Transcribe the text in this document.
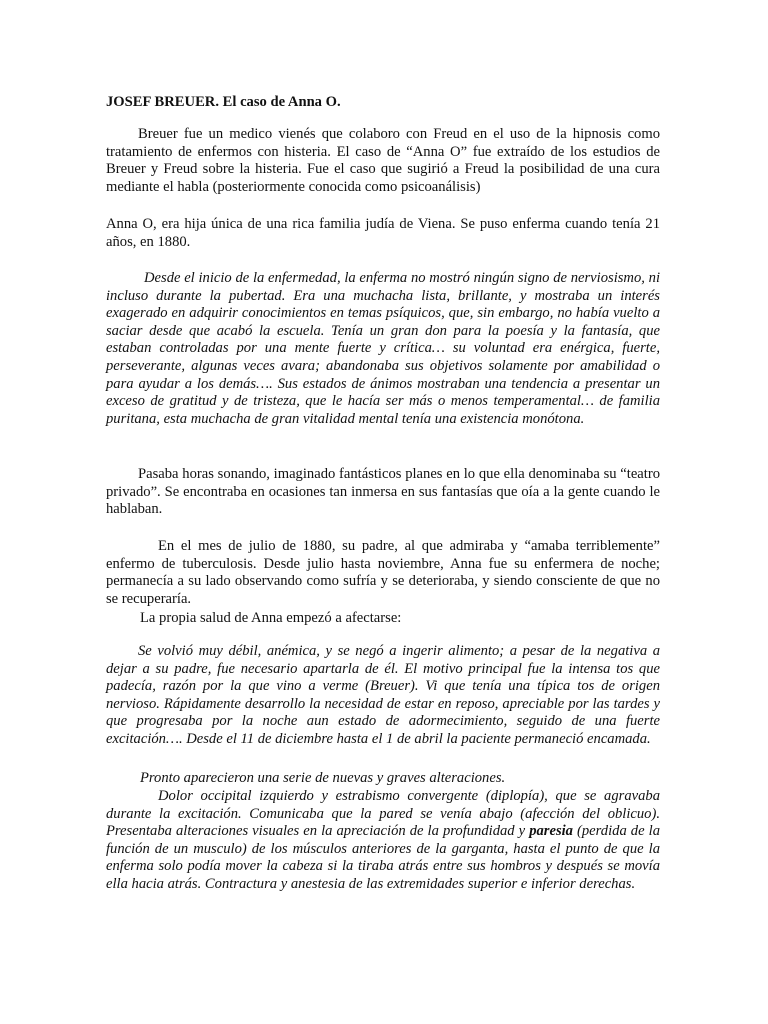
JOSEF BREUER. El caso de Anna O.

Breuer fue un medico vienés que colaboro con Freud en el uso de la hipnosis como tratamiento de enfermos con histeria. El caso de “Anna O” fue extraído de los estudios de Breuer y Freud sobre la histeria. Fue el caso que sugirió a Freud la posibilidad de una cura mediante el habla (posteriormente conocida como psicoanálisis)

Anna O, era hija única de una rica familia judía de Viena. Se puso enferma cuando tenía 21 años, en 1880.

Desde el inicio de la enfermedad, la enferma no mostró ningún signo de nerviosismo, ni incluso durante la pubertad. Era una muchacha lista, brillante, y mostraba un interés exagerado en adquirir conocimientos en temas psíquicos, que, sin embargo, no había vuelto a saciar desde que acabó la escuela. Tenía un gran don para la poesía y la fantasía, que estaban controladas por una mente fuerte y crítica… su voluntad era enérgica, fuerte, perseverante, algunas veces avara; abandonaba sus objetivos solamente por amabilidad o para ayudar a los demás…. Sus estados de ánimos mostraban una tendencia a presentar un exceso de gratitud y de tristeza, que le hacía ser más o menos temperamental… de familia puritana, esta muchacha de gran vitalidad mental tenía una existencia monótona.

Pasaba horas sonando, imaginado fantásticos planes en lo que ella denominaba su “teatro privado”. Se encontraba en ocasiones tan inmersa en sus fantasías que oía a la gente cuando le hablaban.

En el mes de julio de 1880, su padre, al que admiraba y “amaba terriblemente” enfermo de tuberculosis. Desde julio hasta noviembre, Anna fue su enfermera de noche; permanecía a su lado observando como sufría y se deterioraba, y siendo consciente de que no se recuperaría.

La propia salud de Anna empezó a afectarse:

Se volvió muy débil, anémica, y se negó a ingerir alimento; a pesar de la negativa a dejar a su padre, fue necesario apartarla de él. El motivo principal fue la intensa tos que padecía, razón por la que vino a verme (Breuer). Vi que tenía una típica tos de origen nervioso. Rápidamente desarrollo la necesidad de estar en reposo, apreciable por las tardes y que progresaba por la noche aun estado de adormecimiento, seguido de una fuerte excitación…. Desde el 11 de diciembre hasta el 1 de abril la paciente permaneció encamada.

Pronto aparecieron una serie de nuevas y graves alteraciones.

Dolor occipital izquierdo y estrabismo convergente (diplopía), que se agravaba durante la excitación. Comunicaba que la pared se venía abajo (afección del oblicuo). Presentaba alteraciones visuales en la apreciación de la profundidad y paresia (perdida de la función de un musculo) de los músculos anteriores de la garganta, hasta el punto de que la enferma solo podía mover la cabeza si la tiraba atrás entre sus hombros y después se movía ella hacia atrás. Contractura y anestesia de las extremidades superior e inferior derechas.
